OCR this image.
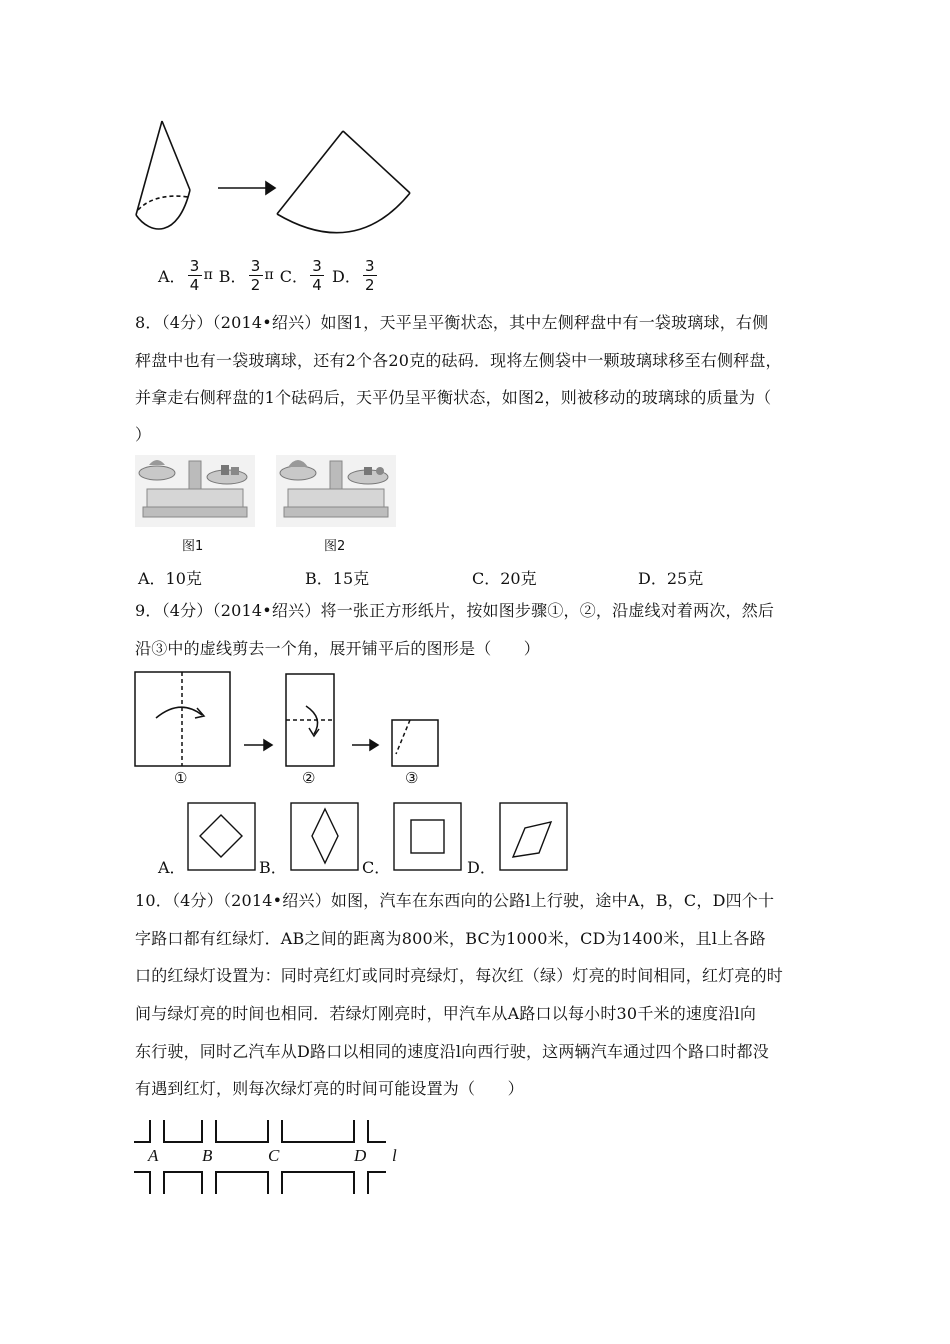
A． $\frac{3}{4}$ π B． $\frac{3}{2}$ π C． $\frac{3}{4}$ D． $\frac{3}{2}$
8．（4分）（2014•绍兴）如图1，天平呈平衡状态，其中左侧秤盘中有一袋玻璃球，右侧
秤盘中也有一袋玻璃球，还有2个各20克的砝码．现将左侧袋中一颗玻璃球移至右侧秤盘，
并拿走右侧秤盘的1个砝码后，天平仍呈平衡状态，如图2，则被移动的玻璃球的质量为（
）
图1	图2
A．10克	B．15克	C．20克	D．25克
9．（4分）（2014•绍兴）将一张正方形纸片，按如图步骤①，②，沿虚线对着两次，然后
沿③中的虚线剪去一个角，展开铺平后的图形是（　　）
①	②	③
A．	B．	C．	D．
10．（4分）（2014•绍兴）如图，汽车在东西向的公路l上行驶，途中A，B，C，D四个十
字路口都有红绿灯．AB之间的距离为800米，BC为1000米，CD为1400米，且l上各路
口的红绿灯设置为：同时亮红灯或同时亮绿灯，每次红（绿）灯亮的时间相同，红灯亮的时
间与绿灯亮的时间也相同．若绿灯刚亮时，甲汽车从A路口以每小时30千米的速度沿l向
东行驶，同时乙汽车从D路口以相同的速度沿l向西行驶，这两辆汽车通过四个路口时都没
有遇到红灯，则每次绿灯亮的时间可能设置为（　　）
A	B	C	D l
